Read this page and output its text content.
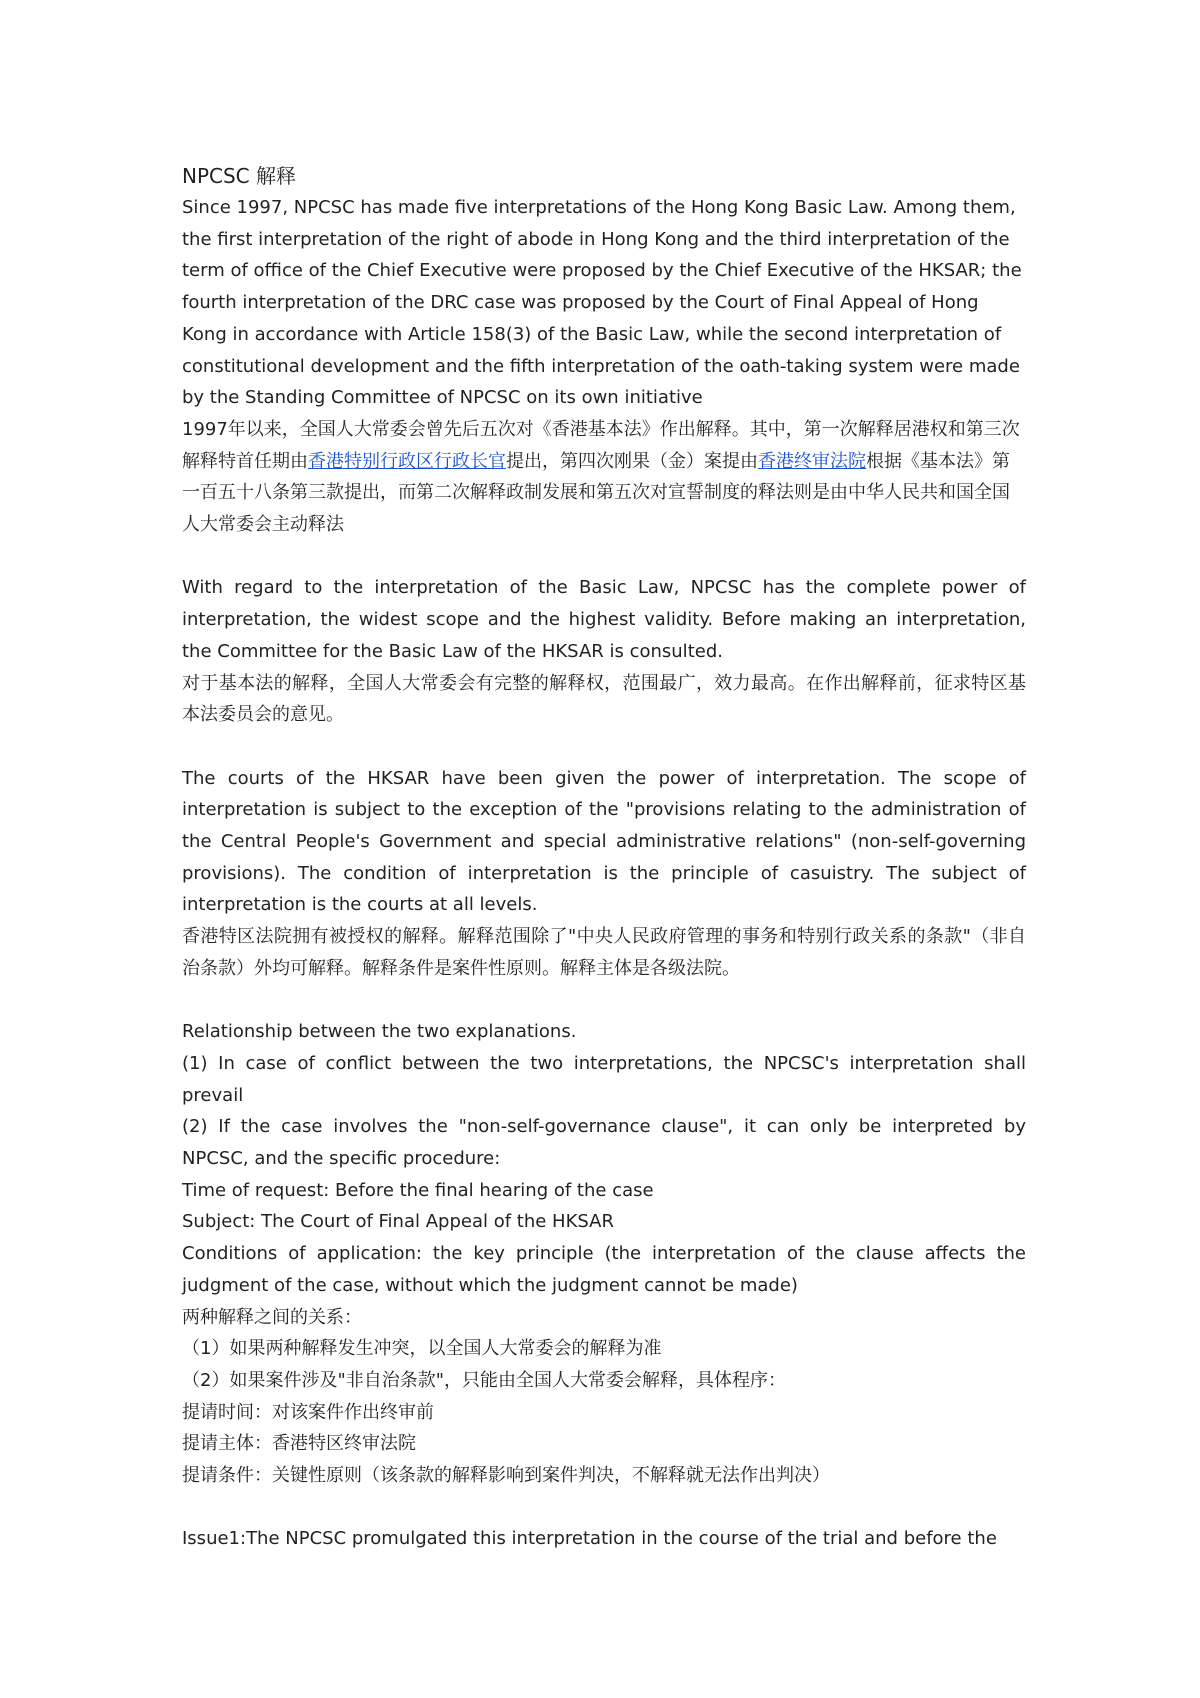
NPCSC 解释

Since 1997, NPCSC has made five interpretations of the Hong Kong Basic Law. Among them, the first interpretation of the right of abode in Hong Kong and the third interpretation of the term of office of the Chief Executive were proposed by the Chief Executive of the HKSAR; the fourth interpretation of the DRC case was proposed by the Court of Final Appeal of Hong Kong in accordance with Article 158(3) of the Basic Law, while the second interpretation of constitutional development and the fifth interpretation of the oath-taking system were made by the Standing Committee of NPCSC on its own initiative

1997年以来，全国人大常委会曾先后五次对《香港基本法》作出解释。其中，第一次解释居港权和第三次解释特首任期由香港特别行政区行政长官提出，第四次刚果（金）案提由香港终审法院根据《基本法》第一百五十八条第三款提出，而第二次解释政制发展和第五次对宣誓制度的释法则是由中华人民共和国全国人大常委会主动释法

With regard to the interpretation of the Basic Law, NPCSC has the complete power of interpretation, the widest scope and the highest validity. Before making an interpretation, the Committee for the Basic Law of the HKSAR is consulted.

对于基本法的解释，全国人大常委会有完整的解释权，范围最广，效力最高。在作出解释前，征求特区基本法委员会的意见。

The courts of the HKSAR have been given the power of interpretation. The scope of interpretation is subject to the exception of the "provisions relating to the administration of the Central People's Government and special administrative relations" (non-self-governing provisions). The condition of interpretation is the principle of casuistry. The subject of interpretation is the courts at all levels.

香港特区法院拥有被授权的解释。解释范围除了"中央人民政府管理的事务和特别行政关系的条款"（非自治条款）外均可解释。解释条件是案件性原则。解释主体是各级法院。

Relationship between the two explanations.

(1) In case of conflict between the two interpretations, the NPCSC's interpretation shall prevail

(2) If the case involves the "non-self-governance clause", it can only be interpreted by NPCSC, and the specific procedure:

Time of request: Before the final hearing of the case

Subject: The Court of Final Appeal of the HKSAR

Conditions of application: the key principle (the interpretation of the clause affects the judgment of the case, without which the judgment cannot be made)

两种解释之间的关系：

（1）如果两种解释发生冲突，以全国人大常委会的解释为准

（2）如果案件涉及"非自治条款"，只能由全国人大常委会解释，具体程序：

提请时间：对该案件作出终审前

提请主体：香港特区终审法院

提请条件：关键性原则（该条款的解释影响到案件判决，不解释就无法作出判决）

Issue1:The NPCSC promulgated this interpretation in the course of the trial and before the
